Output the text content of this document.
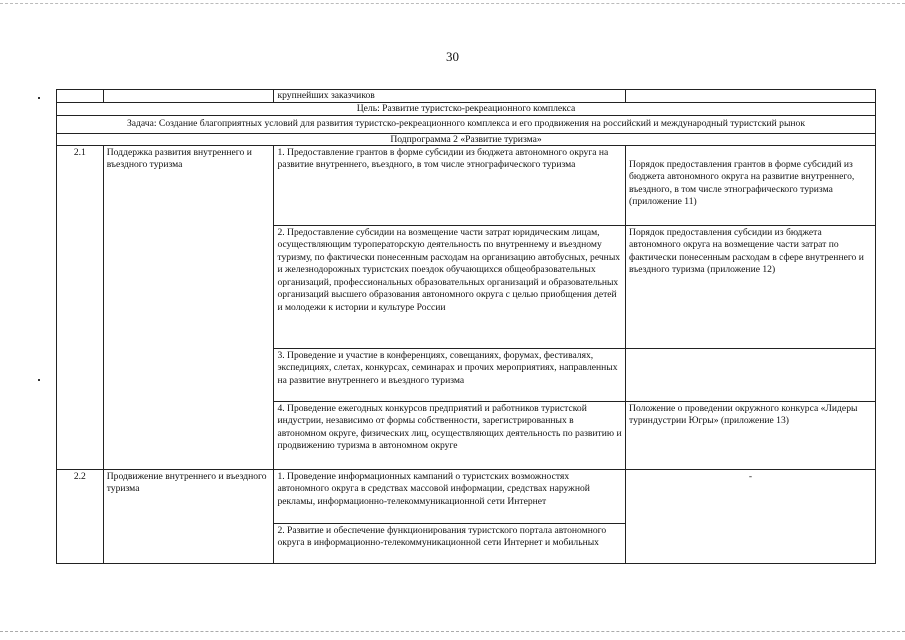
30
		крупнейших заказчиков	
Цель: Развитие туристско-рекреационного комплекса			
Задача: Создание благоприятных условий для развития туристско-рекреационного комплекса и его продвижения на российский и международный туристский рынок			
Подпрограмма 2 «Развитие туризма»			
2.1	Поддержка развития внутреннего и въездного туризма	1. Предоставление грантов в форме субсидии из бюджета автономного округа на развитие внутреннего, въездного, в том числе этнографического туризма	Порядок предоставления грантов в форме субсидий из бюджета автономного округа на развитие внутреннего, въездного, в том числе этнографического туризма (приложение 11)
		2. Предоставление субсидии на возмещение части затрат юридическим лицам, осуществляющим туроператорскую деятельность по внутреннему и въездному туризму, по фактически понесенным расходам на организацию автобусных, речных и железнодорожных туристских поездок обучающихся общеобразовательных организаций, профессиональных образовательных организаций и образовательных организаций высшего образования автономного округа с целью приобщения детей и молодежи к истории и культуре России	Порядок предоставления субсидии из бюджета автономного округа на возмещение части затрат по фактически понесенным расходам в сфере внутреннего и въездного туризма (приложение 12)
		3. Проведение и участие в конференциях, совещаниях, форумах, фестивалях, экспедициях, слетах, конкурсах, семинарах и прочих мероприятиях, направленных на развитие внутреннего и въездного туризма	
		4. Проведение ежегодных конкурсов предприятий и работников туристской индустрии, независимо от формы собственности, зарегистрированных в автономном округе, физических лиц, осуществляющих деятельность по развитию и продвижению туризма в автономном округе	Положение о проведении окружного конкурса «Лидеры туриндустрии Югры» (приложение 13)
2.2	Продвижение внутреннего и въездного туризма	1. Проведение информационных кампаний о туристских возможностях автономного округа в средствах массовой информации, средствах наружной рекламы, информационно-телекоммуникационной сети Интернет	-
		2. Развитие и обеспечение функционирования туристского портала автономного округа в информационно-телекоммуникационной сети Интернет и мобильных	
